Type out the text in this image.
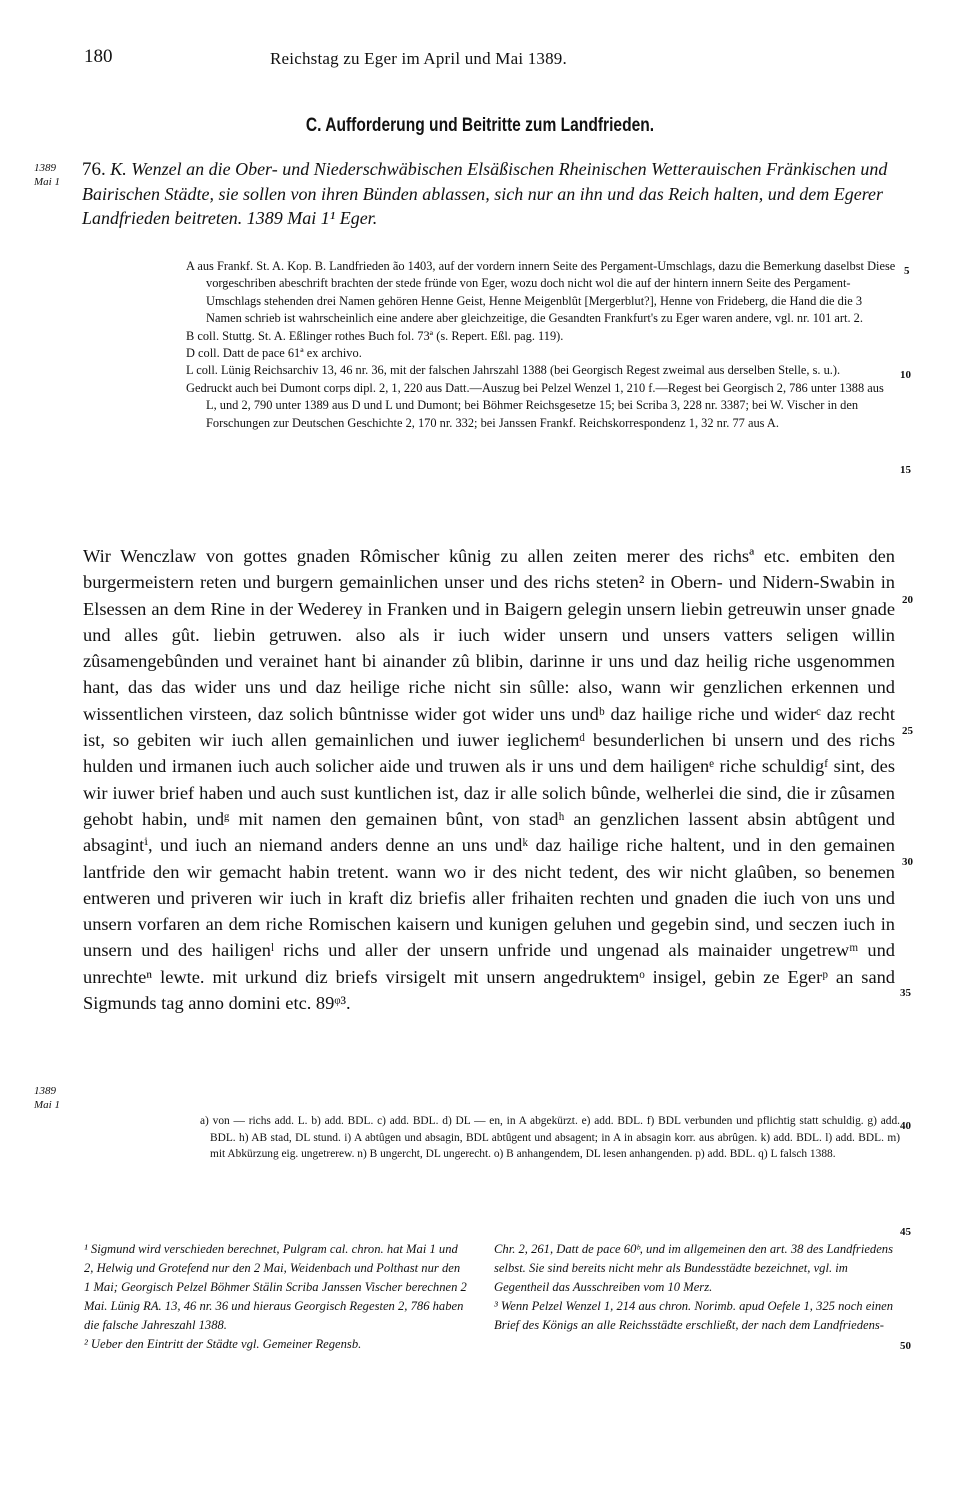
180	Reichstag zu Eger im April und Mai 1389.
C. Aufforderung und Beitritte zum Landfrieden.
1389
Mai 1
76. K. Wenzel an die Ober- und Niederschwäbischen Elsäßischen Rheinischen Wetterauischen Fränkischen und Bairischen Städte, sie sollen von ihren Bünden ablassen, sich nur an ihn und das Reich halten, und dem Egerer Landfrieden beitreten. 1389 Mai 1¹ Eger.

A aus Frankf. St. A. Kop. B. Landfrieden ão 1403, auf der vordern innern Seite des Pergament-Umschlags, dazu die Bemerkung daselbst Diese vorgeschriben abeschrift brachten der stede fründe von Eger, wozu doch nicht wol die auf der hintern innern Seite des Pergament-Umschlags stehenden drei Namen gehören Henne Geist, Henne Meigenblût [Mergerblut?], Henne von Frideberg, die Hand die die 3 Namen schrieb ist wahrscheinlich eine andere aber gleichzeitige, die Gesandten Frankfurt's zu Eger waren andere, vgl. nr. 101 art. 2.

B coll. Stuttg. St. A. Eßlinger rothes Buch fol. 73ª (s. Repert. Eßl. pag. 119).

D coll. Datt de pace 61ª ex archivo.

L coll. Lünig Reichsarchiv 13, 46 nr. 36, mit der falschen Jahrszahl 1388 (bei Georgisch Regest zweimal aus derselben Stelle, s. u.).

Gedruckt auch bei Dumont corps dipl. 2, 1, 220 aus Datt.—Auszug bei Pelzel Wenzel 1, 210 f.—Regest bei Georgisch 2, 786 unter 1388 aus L, und 2, 790 unter 1389 aus D und L und Dumont; bei Böhmer Reichsgesetze 15; bei Scriba 3, 228 nr. 3387; bei W. Vischer in den Forschungen zur Deutschen Geschichte 2, 170 nr. 332; bei Janssen Frankf. Reichskorrespondenz 1, 32 nr. 77 aus A.

5
10
15
20
25
30
35
40
45
50

Wir Wenczlaw von gottes gnaden Rômischer kûnig zu allen zeiten merer des richsª etc. embiten den burgermeistern reten und burgern gemainlichen unser und des richs steten² in Obern- und Nidern-Swabin in Elsessen an dem Rine in der Wederey in Franken und in Baigern gelegin unsern liebin getreuwin unser gnade und alles gût. liebin getruwen. also als ir iuch wider unsern und unsers vatters seligen willin zûsamengebûnden und verainet hant bi ainander zû blibin, darinne ir uns und daz heilig riche usgenommen hant, das das wider uns und daz heilige riche nicht sin sûlle: also, wann wir genzlichen erkennen und wissentlichen virsteen, daz solich bûntnisse wider got wider uns undᵇ daz hailige riche und widerᶜ daz recht ist, so gebiten wir iuch allen gemainlichen und iuwer ieglichemᵈ besunderlichen bi unsern und des richs hulden und irmanen iuch auch solicher aide und truwen als ir uns und dem hailigenᵉ riche schuldigᶠ sint, des wir iuwer brief haben und auch sust kuntlichen ist, daz ir alle solich bûnde, welherlei die sind, die ir zûsamen gehobt habin, undᵍ mit namen den gemainen bûnt, von stadʰ an genzlichen lassent absin abtûgent und absagintⁱ, und iuch an niemand anders denne an uns undᵏ daz hailige riche haltent, und in den gemainen lantfride den wir gemacht habin tretent. wann wo ir des nicht tedent, des wir nicht glaûben, so benemen entweren und priveren wir iuch in kraft diz briefis aller frihaiten rechten und gnaden die iuch von uns und unsern vorfaren an dem riche Romischen kaisern und kunigen geluhen und gegebin sind, und seczen iuch in unsern und des hailigenˡ richs und aller der unsern unfride und ungenad als mainaider ungetrewᵐ und unrechteⁿ lewte. mit urkund diz briefs virsigelt mit unsern angedruktemᵒ insigel, gebin ze Egerᵖ an sand Sigmunds tag anno domini etc. 89ᵠ³.

1389
Mai 1

a) von — richs add. L. b) add. BDL. c) add. BDL. d) DL — en, in A abgekürzt. e) add. BDL. f) BDL verbunden und pflichtig statt schuldig. g) add. BDL. h) AB stad, DL stund. i) A abtûgen und absagin, BDL abtûgent und absagent; in A in absagin korr. aus abrûgen. k) add. BDL. l) add. BDL. m) mit Abkürzung eig. ungetrerew. n) B ungercht, DL ungerecht. o) B anhangendem, DL lesen anhangenden. p) add. BDL. q) L falsch 1388.

¹ Sigmund wird verschieden berechnet, Pulgram cal. chron. hat Mai 1 und 2, Helwig und Grotefend nur den 2 Mai, Weidenbach und Polthast nur den 1 Mai; Georgisch Pelzel Böhmer Stälin Scriba Janssen Vischer berechnen 2 Mai. Lünig RA. 13, 46 nr. 36 und hieraus Georgisch Regesten 2, 786 haben die falsche Jahreszahl 1388.

² Ueber den Eintritt der Städte vgl. Gemeiner Regensb.

Chr. 2, 261, Datt de pace 60ᵇ, und im allgemeinen den art. 38 des Landfriedens selbst. Sie sind bereits nicht mehr als Bundesstädte bezeichnet, vgl. im Gegentheil das Ausschreiben vom 10 Merz.

³ Wenn Pelzel Wenzel 1, 214 aus chron. Norimb. apud Oefele 1, 325 noch einen Brief des Königs an alle Reichsstädte erschließt, der nach dem Landfriedens-
